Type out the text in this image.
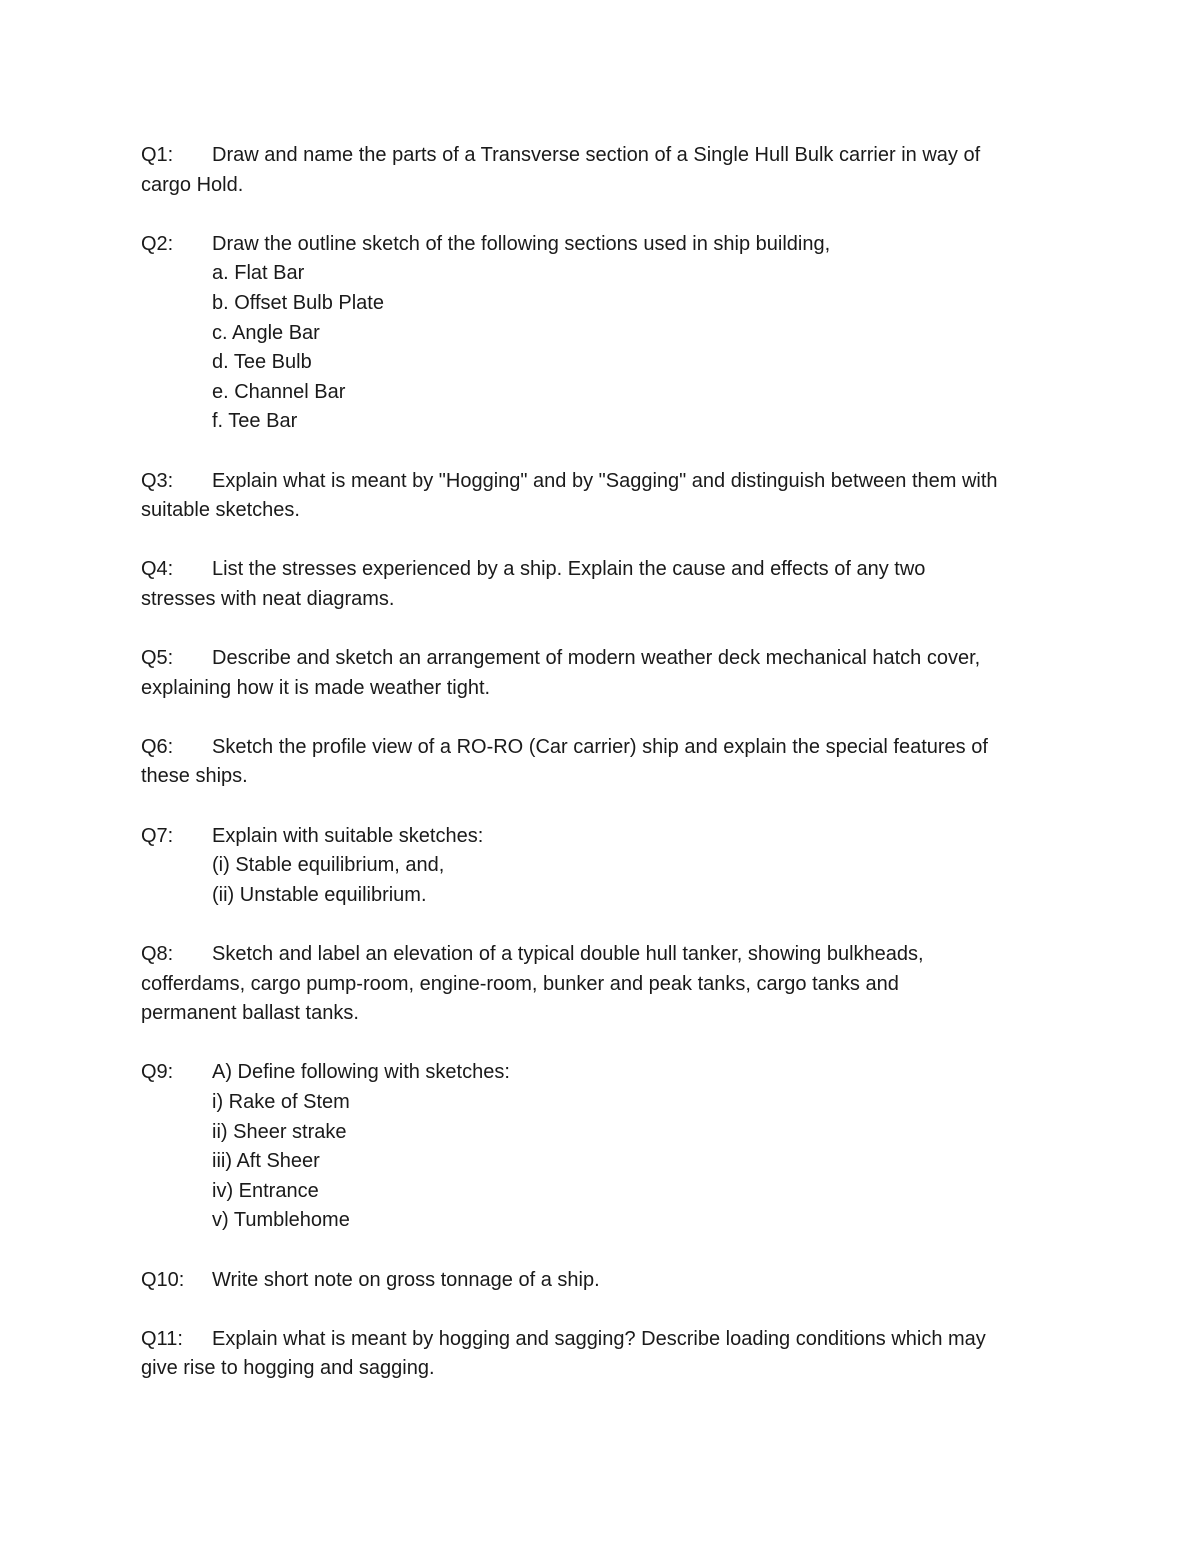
Q1: Draw and name the parts of a Transverse section of a Single Hull Bulk carrier in way of
cargo Hold.
Q2: Draw the outline sketch of the following sections used in ship building,
a. Flat Bar
b. Offset Bulb Plate
c. Angle Bar
d. Tee Bulb
e. Channel Bar
f. Tee Bar
Q3: Explain what is meant by "Hogging" and by "Sagging" and distinguish between them with
suitable sketches.
Q4: List the stresses experienced by a ship. Explain the cause and effects of any two
stresses with neat diagrams.
Q5: Describe and sketch an arrangement of modern weather deck mechanical hatch cover,
explaining how it is made weather tight.
Q6: Sketch the profile view of a RO-RO (Car carrier) ship and explain the special features of
these ships.
Q7: Explain with suitable sketches:
(i) Stable equilibrium, and,
(ii) Unstable equilibrium.
Q8: Sketch and label an elevation of a typical double hull tanker, showing bulkheads,
cofferdams, cargo pump-room, engine-room, bunker and peak tanks, cargo tanks and
permanent ballast tanks.
Q9: A) Define following with sketches:
i) Rake of Stem
ii) Sheer strake
iii) Aft Sheer
iv) Entrance
v) Tumblehome
Q10: Write short note on gross tonnage of a ship.
Q11: Explain what is meant by hogging and sagging? Describe loading conditions which may
give rise to hogging and sagging.
